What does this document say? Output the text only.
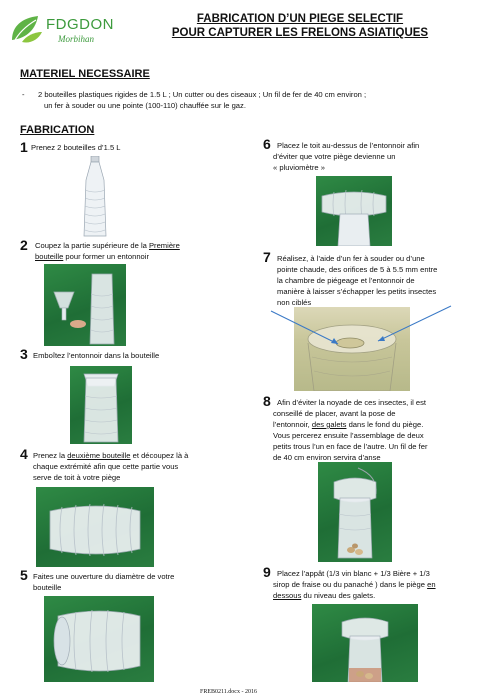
FDGDON
Morbihan
FABRICATION D’UN PIEGE SELECTIF
POUR CAPTURER LES FRELONS ASIATIQUES
MATERIEL NECESSAIRE
- 2 bouteilles plastiques rigides de 1.5 L ; Un cutter ou des ciseaux ; Un fil de fer de 40 cm environ ;
un fer à souder ou une pointe (100-110) chauffée sur le gaz.
FABRICATION
1 Prenez 2 bouteilles d’1.5 L
2 Coupez la partie supérieure de la Première
bouteille pour former un entonnoir
3 Emboîtez l’entonnoir dans la bouteille
4 Prenez la deuxième bouteille et découpez là à
chaque extrémité afin que cette partie vous
serve de toit à votre piège
5 Faites une ouverture du diamètre de votre
bouteille
6 Placez le toit au-dessus de l’entonnoir afin
d’éviter que votre piège devienne un
« pluviomètre »
7 Réalisez, à l’aide d’un fer à souder ou d’une
pointe chaude, des orifices de 5 à 5.5 mm entre
la chambre de piégeage et l’entonnoir de
manière à laisser s’échapper les petits insectes
non ciblés
8 Afin d’éviter la noyade de ces insectes, il est
conseillé de placer, avant la pose de
l’entonnoir, des galets dans le fond du piège.
Vous percerez ensuite l’assemblage de deux
petits trous l’un en face de l’autre. Un fil de fer
de 40 cm environ servira d’anse
9 Placez l’appât (1/3 vin blanc + 1/3 Bière + 1/3
sirop de fraise ou du panaché ) dans le piège en
dessous du niveau des galets.
FREB0211.docx - 2016
